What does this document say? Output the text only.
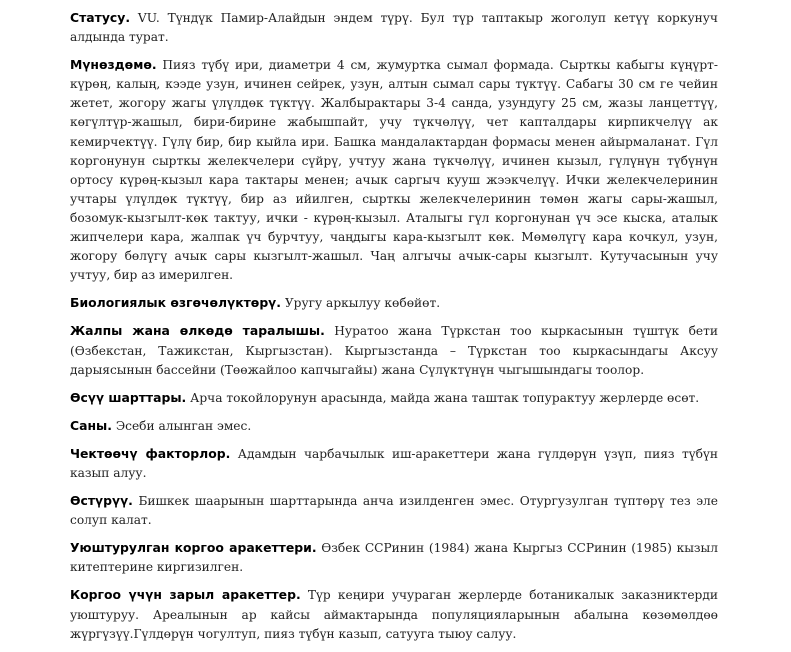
Статусу. VU. Түндүк Памир-Алайдын эндем түрү. Бул түр таптакыр жоголуп кетүү коркунуч алдында турат.

Мүнөздөмө. Пияз түбү ири, диаметри 4 см, жумуртка сымал формада. Сырткы кабыгы күңүрт-күрөң, калың, кээде узун, ичинен сейрек, узун, алтын сымал сары түктүү. Сабагы 30 см ге чейин жетет, жогору жагы үлүлдөк түктүү. Жалбырактары 3-4 санда, узундугу 25 см, жазы ланцеттүү, көгүлтүр-жашыл, бири-бирине жабышпайт, учу түкчөлүү, чет капталдары кирпикчелүү ак кемирчектүү. Гүлү бир, бир кыйла ири. Башка мандалактардан формасы менен айырмаланат. Гүл коргонунун сырткы желекчелери сүйрү, учтуу жана түкчөлүү, ичинен кызыл, гүлүнүн түбүнүн ортосу күрөң-кызыл кара тактары менен; ачык саргыч кууш жээкчелүү. Ички желекчелеринин учтары үлүлдөк түктүү, бир аз ийилген, сырткы желекчелеринин төмөн жагы сары-жашыл, бозомук-кызгылт-көк тактуу, ички - күрөң-кызыл. Аталыгы гүл коргонунан үч эсе кыска, аталык жипчелери кара, жалпак үч бурчтуу, чаңдыгы кара-кызгылт көк. Мөмөлүгү кара кочкул, узун, жогору бөлүгү ачык сары кызгылт-жашыл. Чаң алгычы ачык-сары кызгылт. Кутучасынын учу учтуу, бир аз имерилген.

Биологиялык өзгөчөлүктөрү. Уругу аркылуу көбөйөт.

Жалпы жана өлкөдө таралышы. Нуратоо жана Түркстан тоо кыркасынын түштүк бети (Өзбекстан, Тажикстан, Кыргызстан). Кыргызстанда – Түркстан тоо кыркасындагы Аксуу дарыясынын бассейни (Төөжайлоо капчыгайы) жана Сүлүктүнүн чыгышындагы тоолор.

Өсүү шарттары. Арча токойлорунун арасында, майда жана таштак топурактуу жерлерде өсөт.

Саны. Эсеби алынган эмес.

Чектөөчү факторлор. Адамдын чарбачылык иш-аракеттери жана гүлдөрүн үзүп, пияз түбүн казып алуу.

Өстүрүү. Бишкек шаарынын шарттарында анча изилденген эмес. Отургузулган түптөрү тез эле солуп калат.

Уюштурулган коргоо аракеттери. Өзбек ССРинин (1984) жана Кыргыз ССРинин (1985) кызыл китептерине киргизилген.

Коргоо үчүн зарыл аракеттер. Түр кеңири учураган жерлерде ботаникалык заказниктерди уюштуруу. Ареалынын ар кайсы аймактарында популяцияларынын абалына көзөмөлдөө жүргүзүү.Гүлдөрүн чогултуп, пияз түбүн казып, сатууга тыюу салуу.
